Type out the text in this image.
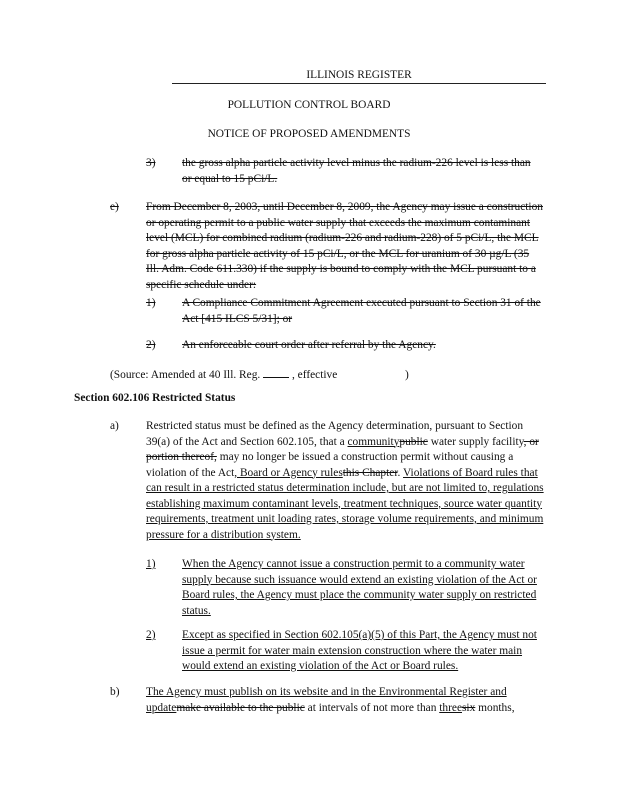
ILLINOIS REGISTER
POLLUTION CONTROL BOARD
NOTICE OF PROPOSED AMENDMENTS
3) the gross alpha particle activity level minus the radium-226 level is less than or equal to 15 pCi/L.
e) From December 8, 2003, until December 8, 2009, the Agency may issue a construction or operating permit to a public water supply that exceeds the maximum contaminant level (MCL) for combined radium (radium-226 and radium-228) of 5 pCi/L, the MCL for gross alpha particle activity of 15 pCi/L, or the MCL for uranium of 30 µg/L (35 Ill. Adm. Code 611.330) if the supply is bound to comply with the MCL pursuant to a specific schedule under:
1) A Compliance Commitment Agreement executed pursuant to Section 31 of the Act [415 ILCS 5/31]; or
2) An enforceable court order after referral by the Agency.
(Source: Amended at 40 Ill. Reg.	, effective	)
Section 602.106 Restricted Status
a) Restricted status must be defined as the Agency determination, pursuant to Section 39(a) of the Act and Section 602.105, that a communitypublic water supply facility, or portion thereof, may no longer be issued a construction permit without causing a violation of the Act, Board or Agency rulesthis Chapter. Violations of Board rules that can result in a restricted status determination include, but are not limited to, regulations establishing maximum contaminant levels, treatment techniques, source water quantity requirements, treatment unit loading rates, storage volume requirements, and minimum pressure for a distribution system.
1) When the Agency cannot issue a construction permit to a community water supply because such issuance would extend an existing violation of the Act or Board rules, the Agency must place the community water supply on restricted status.
2) Except as specified in Section 602.105(a)(5) of this Part, the Agency must not issue a permit for water main extension construction where the water main would extend an existing violation of the Act or Board rules.
b) The Agency must publish on its website and in the Environmental Register and updatemake available to the public at intervals of not more than threesix months,
